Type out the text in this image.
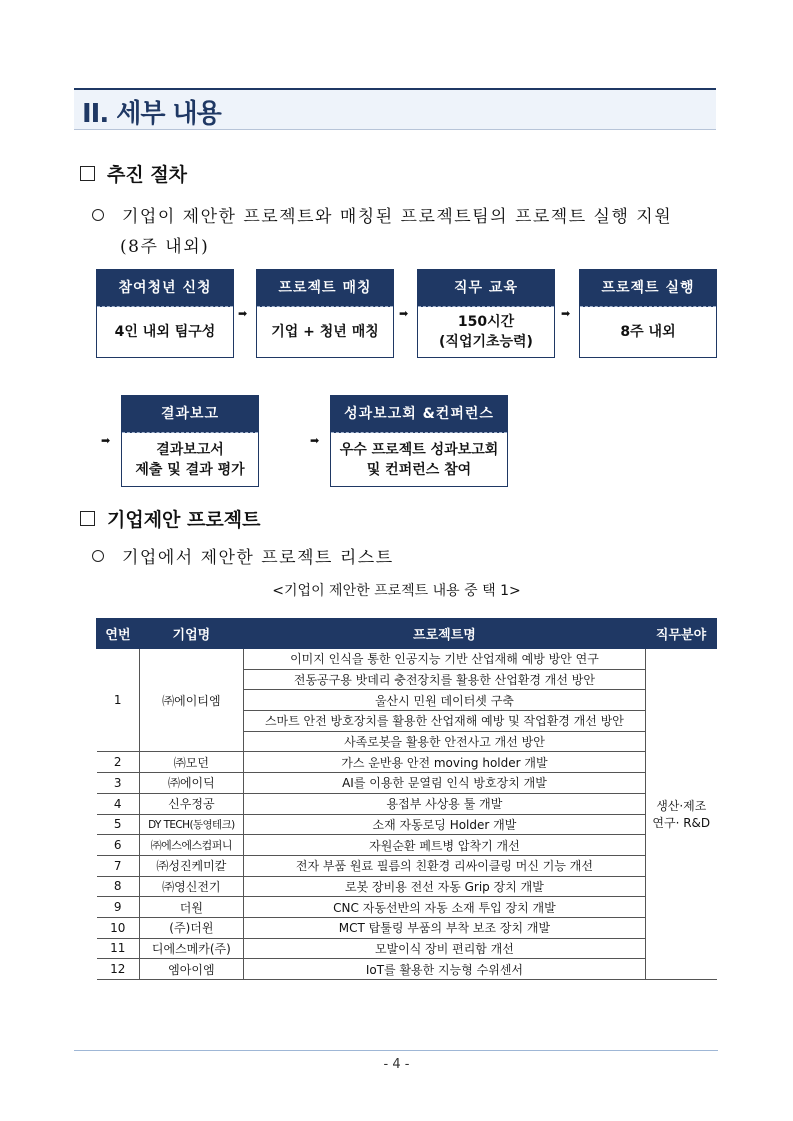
II. 세부 내용
추진 절차
기업이 제안한 프로젝트와 매칭된 프로젝트팀의 프로젝트 실행 지원
(8주 내외)
참여청년 신청
4인 내외 팀구성
➡
프로젝트 매칭
기업 + 청년 매칭
➡
직무 교육
150시간
(직업기초능력)
➡
프로젝트 실행
8주 내외
➡
결과보고
결과보고서
제출 및 결과 평가
➡
성과보고회 &컨퍼런스
우수 프로젝트 성과보고회
및 컨퍼런스 참여
기업제안 프로젝트
기업에서 제안한 프로젝트 리스트
<기업이 제안한 프로젝트 내용 중 택 1>
연번	기업명	프로젝트명	직무분야
1	㈜에이티엠	이미지 인식을 통한 인공지능 기반 산업재해 예방 방안 연구	생산·제조
연구· R&D

		전동공구용 밧데리 충전장치를 활용한 산업환경 개선 방안	
		울산시 민원 데이터셋 구축	
		스마트 안전 방호장치를 활용한 산업재해 예방 및 작업환경 개선 방안	
		사족로봇을 활용한 안전사고 개선 방안	
2	㈜모던	가스 운반용 안전 moving holder 개발	
3	㈜에이딕	AI를 이용한 문열림 인식 방호장치 개발	
4	신우정공	용접부 사상용 툴 개발	
5	DY TECH(동영테크)	소재 자동로딩 Holder 개발	
6	㈜에스에스컴퍼니	자원순환 페트병 압착기 개선	
7	㈜성진케미칼	전자 부품 원료 필름의 친환경 리싸이클링 머신 기능 개선	
8	㈜영신전기	로봇 장비용 전선 자동 Grip 장치 개발	
9	더원	CNC 자동선반의 자동 소재 투입 장치 개발	
10	(주)더윈	MCT 탑툴링 부품의 부착 보조 장치 개발	
11	디에스메카(주)	모발이식 장비 편리함 개선	
12	엠아이엠	IoT를 활용한 지능형 수위센서	
- 4 -
